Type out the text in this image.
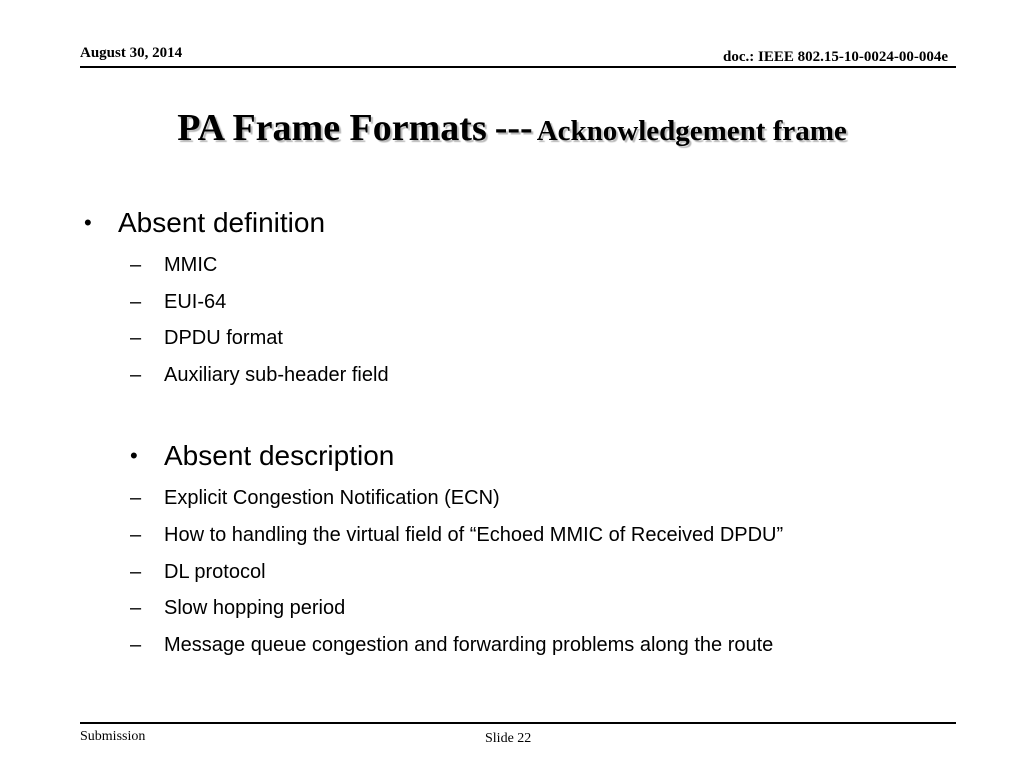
August 30, 2014	doc.: IEEE 802.15-10-0024-00-004e
PA Frame Formats --- Acknowledgement frame
• Absent definition
– MMIC
– EUI-64
– DPDU format
– Auxiliary sub-header field
• Absent description
– Explicit Congestion Notification (ECN)
– How to handling the virtual field of “Echoed MMIC of Received DPDU”
– DL protocol
– Slow hopping period
– Message queue congestion and forwarding problems along the route
Submission	Slide 22
